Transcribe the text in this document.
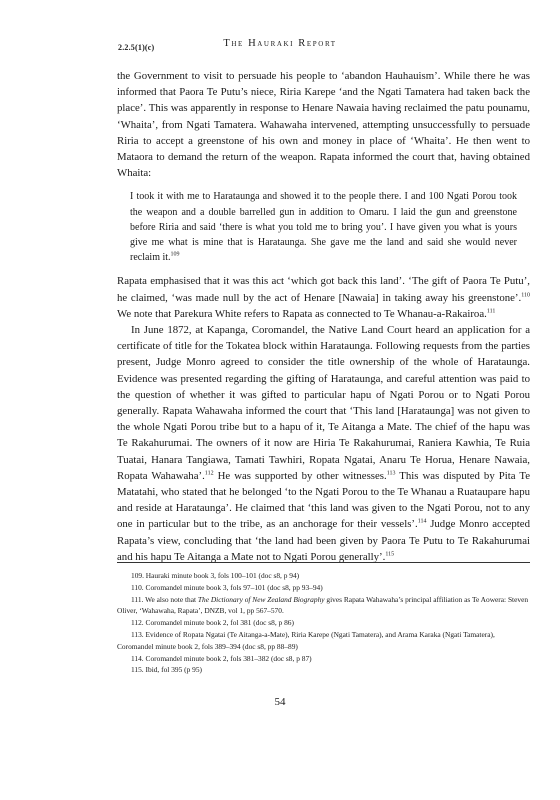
2.2.5(1)(c)	The Hauraki Report

the Government to visit to persuade his people to ‘abandon Hauhauism’. While there he was informed that Paora Te Putu’s niece, Riria Karepe ‘and the Ngati Tamatera had taken back the place’. This was apparently in response to Henare Nawaia having reclaimed the patu pounamu, ‘Whaita’, from Ngati Tamatera. Wahawaha intervened, attempting unsuccessfully to persuade Riria to accept a greenstone of his own and money in place of ‘Whaita’. He then went to Mataora to demand the return of the weapon. Rapata informed the court that, having obtained Whaita:

I took it with me to Harataunga and showed it to the people there. I and 100 Ngati Porou took the weapon and a double barrelled gun in addition to Omaru. I laid the gun and greenstone before Riria and said ‘there is what you told me to bring you’. I have given you what is yours give me what is mine that is Harataunga. She gave me the land and said she would never reclaim it.$^{109}$

Rapata emphasised that it was this act ‘which got back this land’. ‘The gift of Paora Te Putu’, he claimed, ‘was made null by the act of Henare [Nawaia] in taking away his greenstone’.$^{110}$ We note that Parekura White refers to Rapata as connected to Te Whanau-a-Rakairoa.$^{111}$

In June 1872, at Kapanga, Coromandel, the Native Land Court heard an application for a certificate of title for the Tokatea block within Harataunga. Following requests from the parties present, Judge Monro agreed to consider the title ownership of the whole of Harataunga. Evidence was presented regarding the gifting of Harataunga, and careful attention was paid to the question of whether it was gifted to particular hapu of Ngati Porou or to Ngati Porou generally. Rapata Wahawaha informed the court that ‘This land [Harataunga] was not given to the whole Ngati Porou tribe but to a hapu of it, Te Aitanga a Mate. The chief of the hapu was Te Rakahurumai. The owners of it now are Hiria Te Rakahurumai, Raniera Kawhia, Te Ruia Tuatai, Hanara Tangiawa, Tamati Tawhiri, Ropata Ngatai, Anaru Te Horua, Henare Nawaia, Ropata Wahawaha’.$^{112}$ He was supported by other witnesses.$^{113}$ This was disputed by Pita Te Matatahi, who stated that he belonged ‘to the Ngati Porou to the Te Whanau a Ruataupare hapu and reside at Harataunga’. He claimed that ‘this land was given to the Ngati Porou, not to any one in particular but to the tribe, as an anchorage for their vessels’.$^{114}$ Judge Monro accepted Rapata’s view, concluding that ‘the land had been given by Paora Te Putu to Te Rakahurumai and his hapu Te Aitanga a Mate not to Ngati Porou generally’.$^{115}$

109. Hauraki minute book 3, fols 100–101 (doc s8, p 94)

110. Coromandel minute book 3, fols 97–101 (doc s8, pp 93–94)

111. We also note that The Dictionary of New Zealand Biography gives Rapata Wahawaha’s principal affiliation as Te Aowera: Steven Oliver, ‘Wahawaha, Rapata’, DNZB, vol 1, pp 567–570.

112. Coromandel minute book 2, fol 381 (doc s8, p 86)

113. Evidence of Ropata Ngatai (Te Aitanga-a-Mate), Riria Karepe (Ngati Tamatera), and Arama Karaka (Ngati Tamatera), Coromandel minute book 2, fols 389–394 (doc s8, pp 88–89)

114. Coromandel minute book 2, fols 381–382 (doc s8, p 87)

115. Ibid, fol 395 (p 95)

54
